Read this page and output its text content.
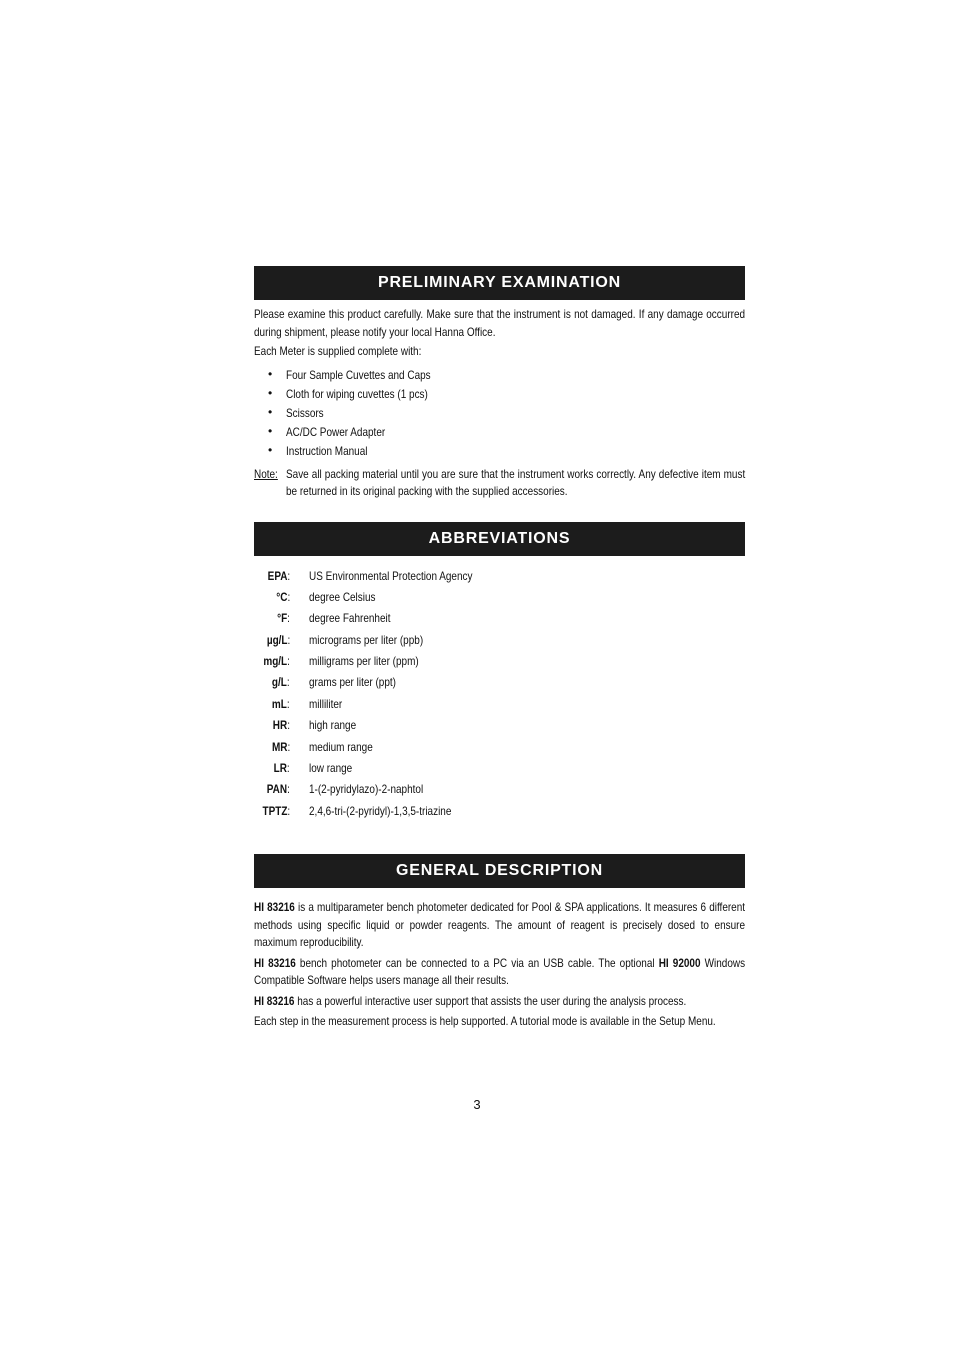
PRELIMINARY EXAMINATION

Please examine this product carefully. Make sure that the instrument is not damaged. If any damage occurred during shipment, please notify your local Hanna Office.

Each Meter is supplied complete with:

• Four Sample Cuvettes and Caps
• Cloth for wiping cuvettes (1 pcs)
• Scissors
• AC/DC Power Adapter
• Instruction Manual
Note: Save all packing material until you are sure that the instrument works correctly. Any defective item must be returned in its original packing with the supplied accessories.

ABBREVIATIONS
EPA: US Environmental Protection Agency
°C: degree Celsius
°F: degree Fahrenheit
µg/L: micrograms per liter (ppb)
mg/L: milligrams per liter (ppm)
g/L: grams per liter (ppt)
mL: milliliter
HR: high range
MR: medium range
LR: low range
PAN: 1-(2-pyridylazo)-2-naphtol
TPTZ: 2,4,6-tri-(2-pyridyl)-1,3,5-triazine
GENERAL DESCRIPTION

HI 83216 is a multiparameter bench photometer dedicated for Pool & SPA applications. It measures 6 different methods using specific liquid or powder reagents. The amount of reagent is precisely dosed to ensure maximum reproducibility.

HI 83216 bench photometer can be connected to a PC via an USB cable. The optional HI 92000 Windows Compatible Software helps users manage all their results.

HI 83216 has a powerful interactive user support that assists the user during the analysis process.

Each step in the measurement process is help supported. A tutorial mode is available in the Setup Menu.

3
